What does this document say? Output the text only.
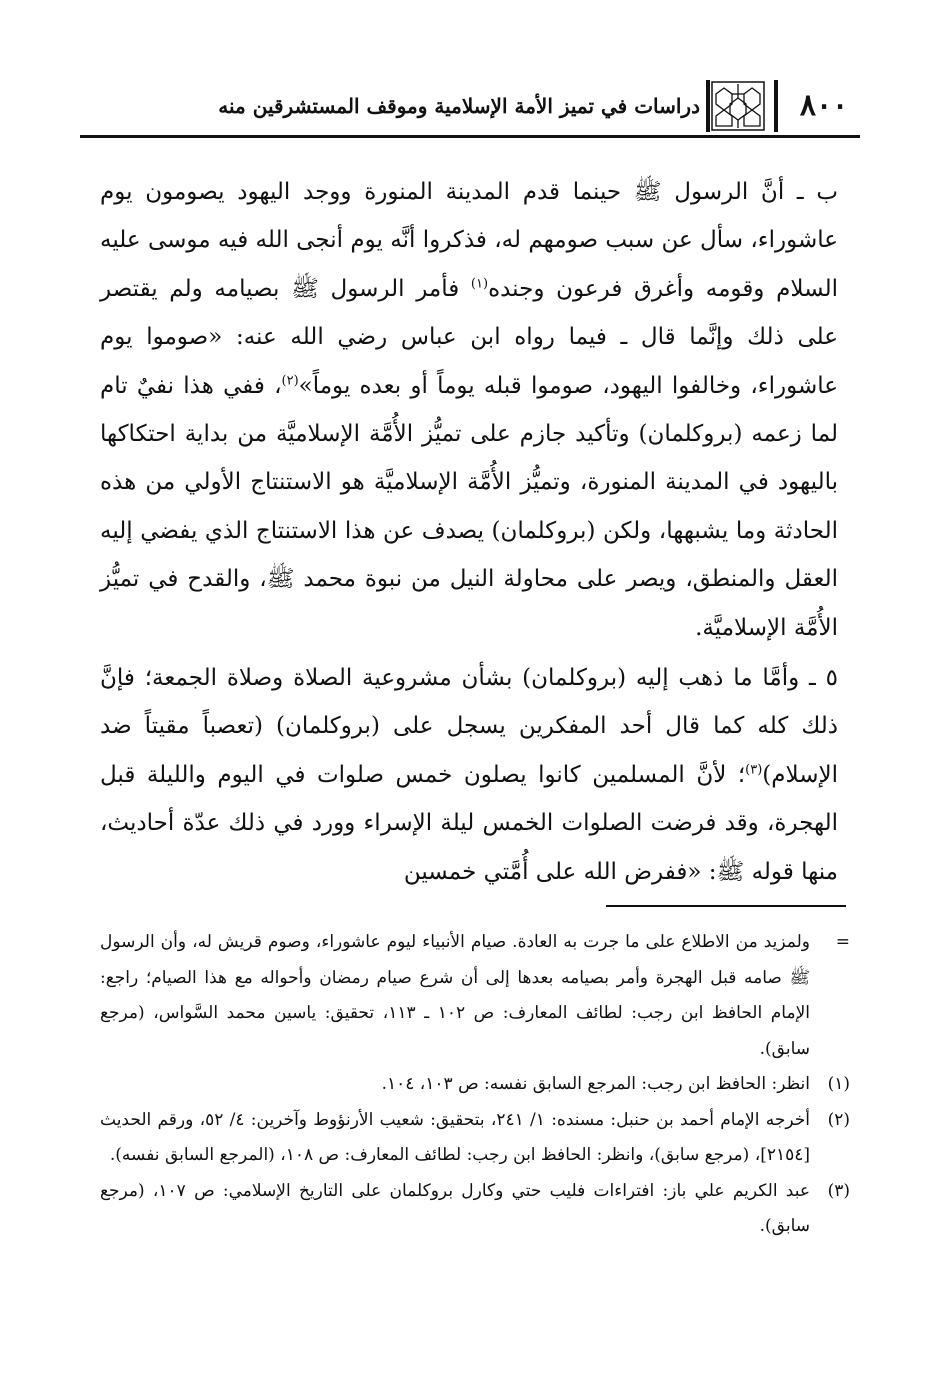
٨٠٠
دراسات في تميز الأمة الإسلامية وموقف المستشرقين منه

ب ـ أنَّ الرسول ﷺ حينما قدم المدينة المنورة ووجد اليهود يصومون يوم عاشوراء، سأل عن سبب صومهم له، فذكروا أنَّه يوم أنجى الله فيه موسى عليه السلام وقومه وأغرق فرعون وجنده$^{(١)}$ فأمر الرسول ﷺ بصيامه ولم يقتصر على ذلك وإنَّما قال ـ فيما رواه ابن عباس رضي الله عنه: «صوموا يوم عاشوراء، وخالفوا اليهود، صوموا قبله يوماً أو بعده يوماً»$^{(٢)}$، ففي هذا نفيٌ تام لما زعمه (بروكلمان) وتأكيد جازم على تميُّز الأُمَّة الإسلاميَّة من بداية احتكاكها باليهود في المدينة المنورة، وتميُّز الأُمَّة الإسلاميَّة هو الاستنتاج الأولي من هذه الحادثة وما يشبهها، ولكن (بروكلمان) يصدف عن هذا الاستنتاج الذي يفضي إليه العقل والمنطق، ويصر على محاولة النيل من نبوة محمد ﷺ، والقدح في تميُّز الأُمَّة الإسلاميَّة.

٥ ـ وأمَّا ما ذهب إليه (بروكلمان) بشأن مشروعية الصلاة وصلاة الجمعة؛ فإنَّ ذلك كله كما قال أحد المفكرين يسجل على (بروكلمان) (تعصباً مقيتاً ضد الإسلام)$^{(٣)}$؛ لأنَّ المسلمين كانوا يصلون خمس صلوات في اليوم والليلة قبل الهجرة، وقد فرضت الصلوات الخمس ليلة الإسراء وورد في ذلك عدّة أحاديث، منها قوله ﷺ: «ففرض الله على أُمَّتي خمسين

=
ولمزيد من الاطلاع على ما جرت به العادة. صيام الأنبياء ليوم عاشوراء، وصوم قريش له، وأن الرسول ﷺ صامه قبل الهجرة وأمر بصيامه بعدها إلى أن شرع صيام رمضان وأحواله مع هذا الصيام؛ راجع: الإمام الحافظ ابن رجب: لطائف المعارف: ص ١٠٢ ـ ١١٣، تحقيق: ياسين محمد السَّواس، (مرجع سابق).
(١)
انظر: الحافظ ابن رجب: المرجع السابق نفسه: ص ١٠٣، ١٠٤.
(٢)
أخرجه الإمام أحمد بن حنبل: مسنده: ١/ ٢٤١، بتحقيق: شعيب الأرنؤوط وآخرين: ٤/ ٥٢، ورقم الحديث [٢١٥٤]، (مرجع سابق)، وانظر: الحافظ ابن رجب: لطائف المعارف: ص ١٠٨، (المرجع السابق نفسه).
(٣)
عبد الكريم علي باز: افتراءات فليب حتي وكارل بروكلمان على التاريخ الإسلامي: ص ١٠٧، (مرجع سابق).
